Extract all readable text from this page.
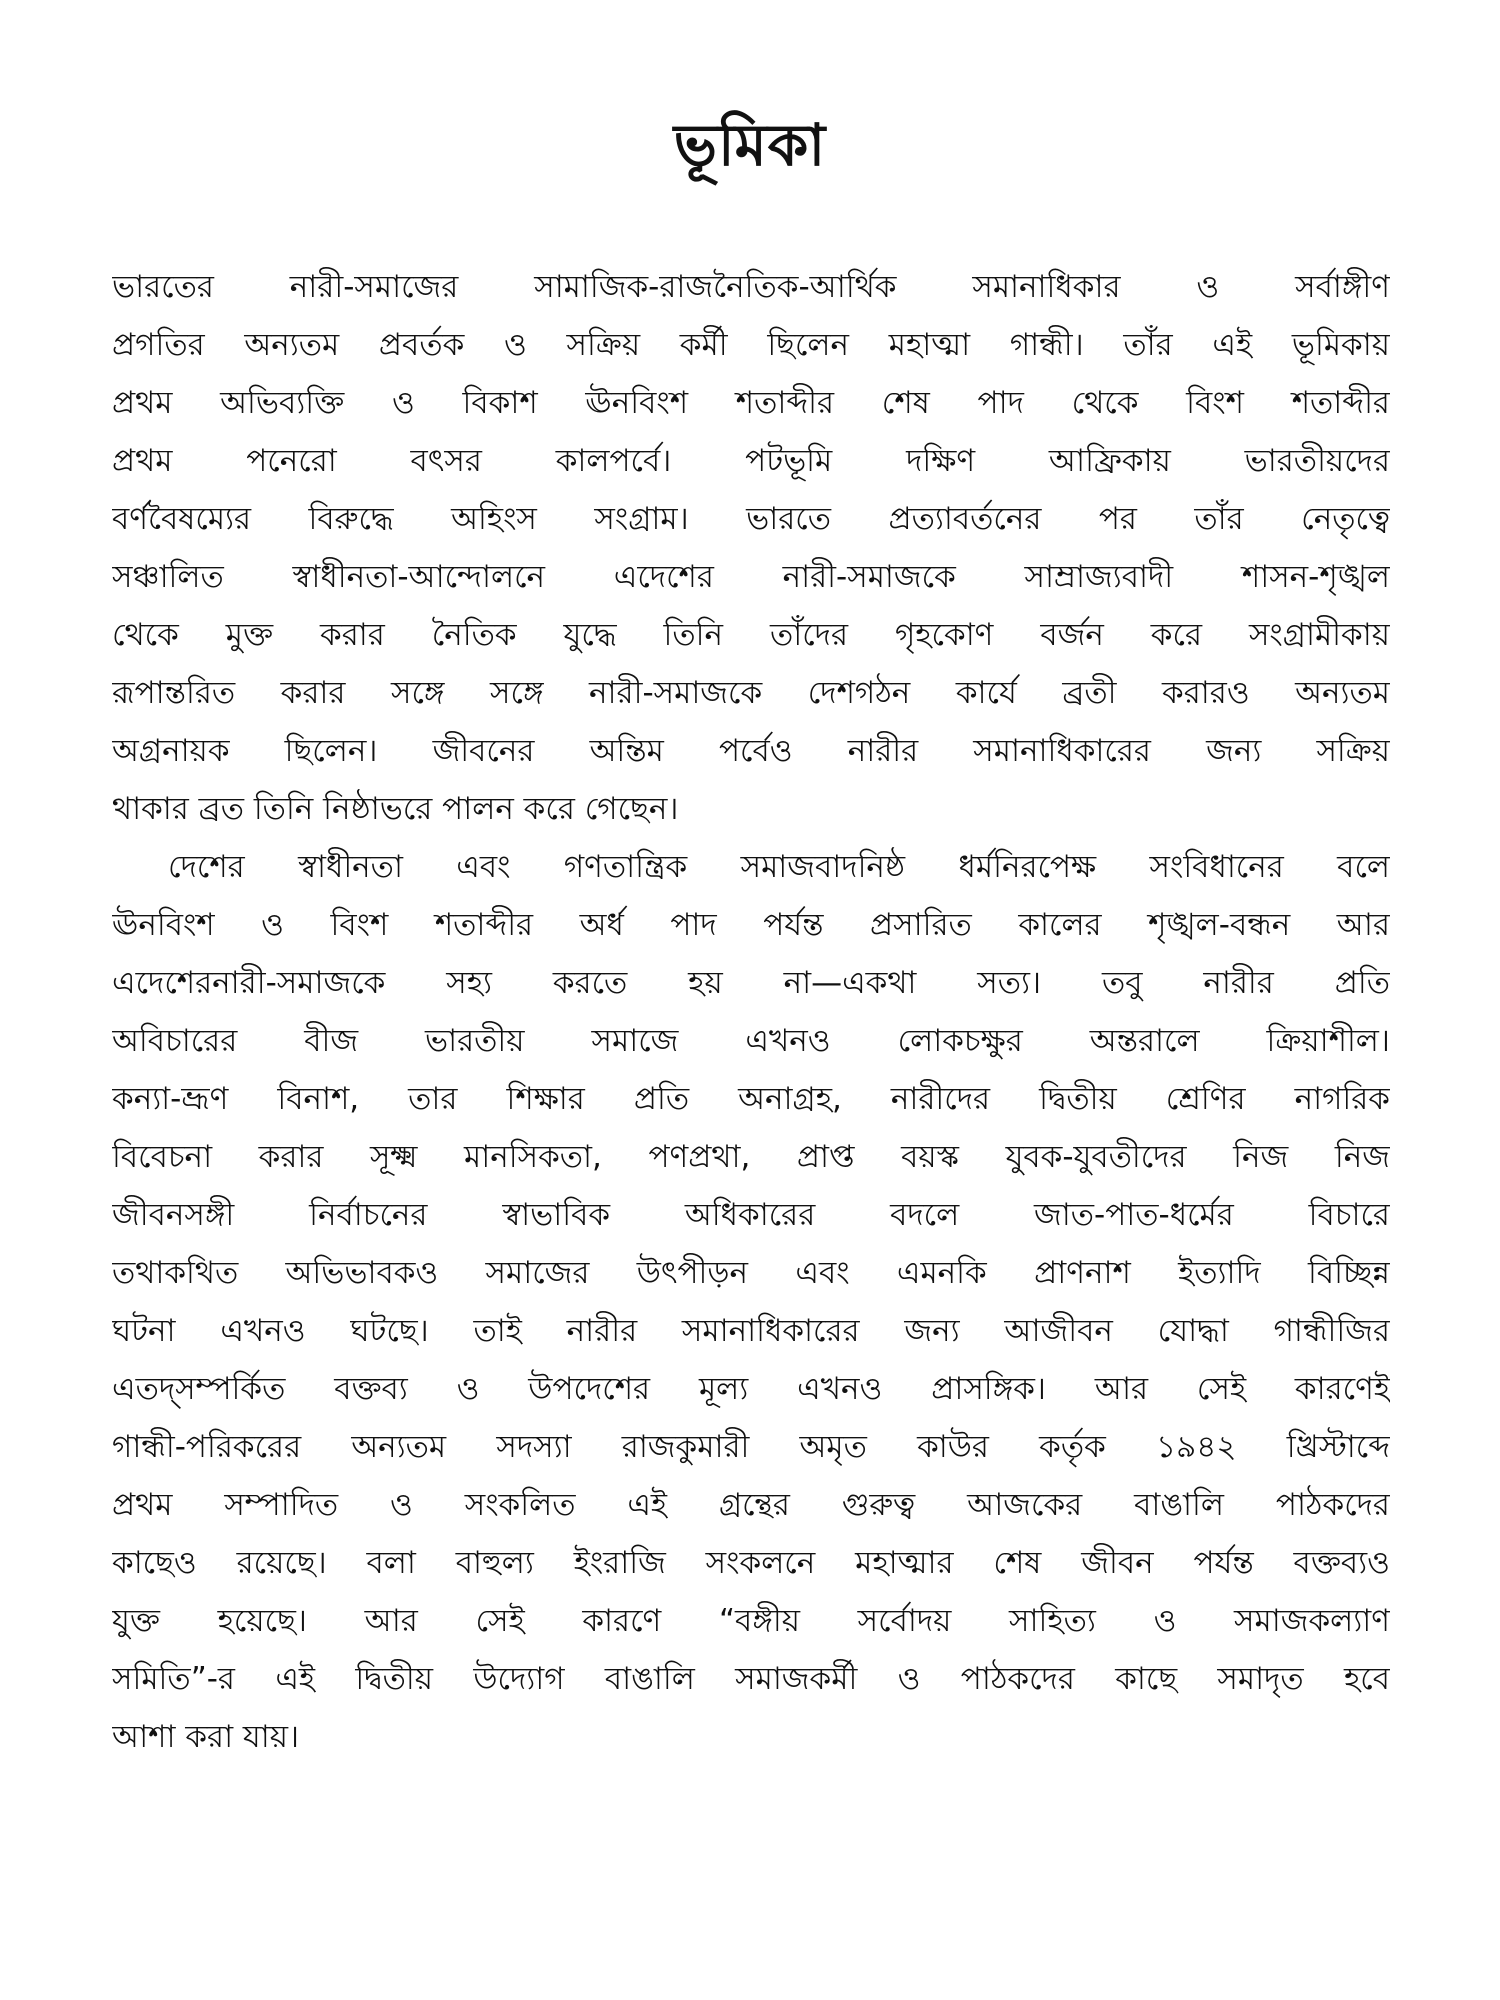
ভূমিকা
ভারতের নারী-সমাজের সামাজিক-রাজনৈতিক-আর্থিক সমানাধিকার ও সর্বাঙ্গীণ
প্রগতির অন্যতম প্রবর্তক ও সক্রিয় কর্মী ছিলেন মহাত্মা গান্ধী। তাঁর এই ভূমিকায়
প্রথম অভিব্যক্তি ও বিকাশ ঊনবিংশ শতাব্দীর শেষ পাদ থেকে বিংশ শতাব্দীর
প্রথম পনেরো বৎসর কালপর্বে। পটভূমি দক্ষিণ আফ্রিকায় ভারতীয়দের
বর্ণবৈষম্যের বিরুদ্ধে অহিংস সংগ্রাম। ভারতে প্রত্যাবর্তনের পর তাঁর নেতৃত্বে
সঞ্চালিত স্বাধীনতা-আন্দোলনে এদেশের নারী-সমাজকে সাম্রাজ্যবাদী শাসন-শৃঙ্খল
থেকে মুক্ত করার নৈতিক যুদ্ধে তিনি তাঁদের গৃহকোণ বর্জন করে সংগ্রামীকায়
রূপান্তরিত করার সঙ্গে সঙ্গে নারী-সমাজকে দেশগঠন কার্যে ব্রতী করারও অন্যতম
অগ্রনায়ক ছিলেন। জীবনের অন্তিম পর্বেও নারীর সমানাধিকারের জন্য সক্রিয়
থাকার ব্রত তিনি নিষ্ঠাভরে পালন করে গেছেন।
দেশের স্বাধীনতা এবং গণতান্ত্রিক সমাজবাদনিষ্ঠ ধর্মনিরপেক্ষ সংবিধানের বলে
ঊনবিংশ ও বিংশ শতাব্দীর অর্ধ পাদ পর্যন্ত প্রসারিত কালের শৃঙ্খল-বন্ধন আর
এদেশেরনারী-সমাজকে সহ্য করতে হয় না—একথা সত্য। তবু নারীর প্রতি
অবিচারের বীজ ভারতীয় সমাজে এখনও লোকচক্ষুর অন্তরালে ক্রিয়াশীল।
কন্যা-ভ্রূণ বিনাশ, তার শিক্ষার প্রতি অনাগ্রহ, নারীদের দ্বিতীয় শ্রেণির নাগরিক
বিবেচনা করার সূক্ষ্ম মানসিকতা, পণপ্রথা, প্রাপ্ত বয়স্ক যুবক-যুবতীদের নিজ নিজ
জীবনসঙ্গী নির্বাচনের স্বাভাবিক অধিকারের বদলে জাত-পাত-ধর্মের বিচারে
তথাকথিত অভিভাবকও সমাজের উৎপীড়ন এবং এমনকি প্রাণনাশ ইত্যাদি বিচ্ছিন্ন
ঘটনা এখনও ঘটছে। তাই নারীর সমানাধিকারের জন্য আজীবন যোদ্ধা গান্ধীজির
এতদ্‌সম্পর্কিত বক্তব্য ও উপদেশের মূল্য এখনও প্রাসঙ্গিক। আর সেই কারণেই
গান্ধী-পরিকরের অন্যতম সদস্যা রাজকুমারী অমৃত কাউর কর্তৃক ১৯৪২ খ্রিস্টাব্দে
প্রথম সম্পাদিত ও সংকলিত এই গ্রন্থের গুরুত্ব আজকের বাঙালি পাঠকদের
কাছেও রয়েছে। বলা বাহুল্য ইংরাজি সংকলনে মহাত্মার শেষ জীবন পর্যন্ত বক্তব্যও
যুক্ত হয়েছে। আর সেই কারণে “বঙ্গীয় সর্বোদয় সাহিত্য ও সমাজকল্যাণ
সমিতি”-র এই দ্বিতীয় উদ্যোগ বাঙালি সমাজকর্মী ও পাঠকদের কাছে সমাদৃত হবে
আশা করা যায়।
